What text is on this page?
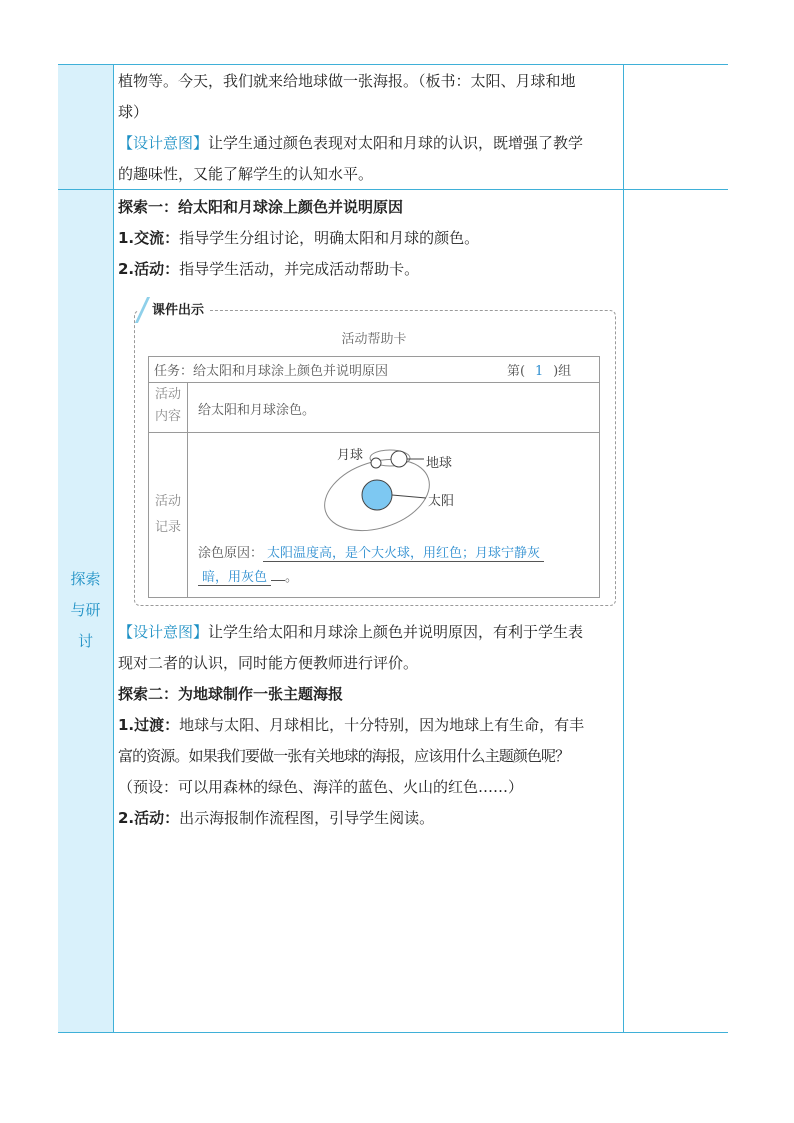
探索
与研
讨

植物等。今天，我们就来给地球做一张海报。（板书：太阳、月球和地

球）

【设计意图】让学生通过颜色表现对太阳和月球的认识，既增强了教学

的趣味性，又能了解学生的认知水平。

探索一：给太阳和月球涂上颜色并说明原因

1.交流：指导学生分组讨论，明确太阳和月球的颜色。

2.活动：指导学生活动，并完成活动帮助卡。

课件出示
活动帮助卡
任务：给太阳和月球涂上颜色并说明原因	第( 1 )组
活动
内容	给太阳和月球涂色。
活动
记录
月球
地球
太阳
涂色原因： 太阳温度高，是个大火球，用红色；月球宁静灰
暗，用灰色 。

【设计意图】让学生给太阳和月球涂上颜色并说明原因，有利于学生表

现对二者的认识，同时能方便教师进行评价。

探索二：为地球制作一张主题海报

1.过渡：地球与太阳、月球相比，十分特别，因为地球上有生命，有丰

富的资源。如果我们要做一张有关地球的海报，应该用什么主题颜色呢？

（预设：可以用森林的绿色、海洋的蓝色、火山的红色……）

2.活动：出示海报制作流程图，引导学生阅读。
